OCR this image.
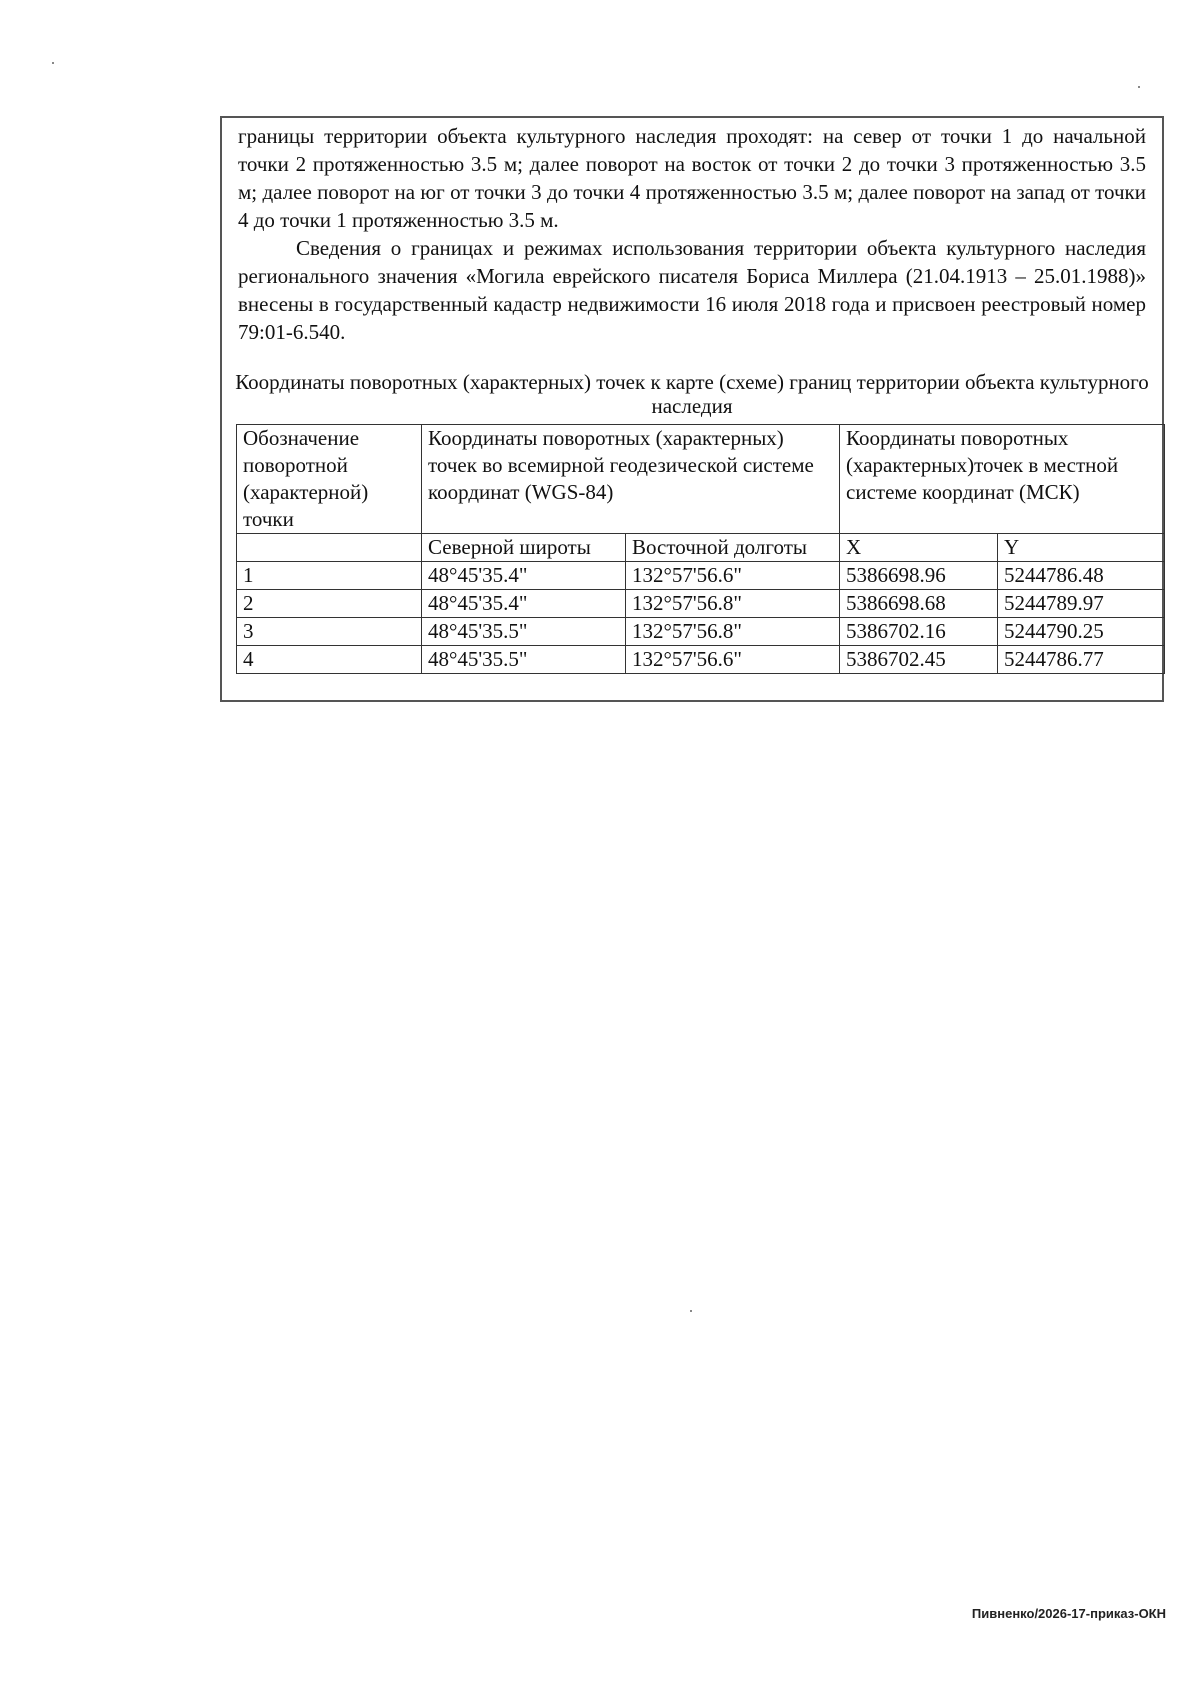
границы территории объекта культурного наследия проходят: на север от точки 1 до начальной точки 2 протяженностью 3.5 м; далее поворот на восток от точки 2 до точки 3 протяженностью 3.5 м; далее поворот на юг от точки 3 до точки 4 протяженностью 3.5 м; далее поворот на запад от точки 4 до точки 1 протяженностью 3.5 м.

Сведения о границах и режимах использования территории объекта культурного наследия регионального значения «Могила еврейского писателя Бориса Миллера (21.04.1913 – 25.01.1988)» внесены в государственный кадастр недвижимости 16 июля 2018 года и присвоен реестровый номер 79:01-6.540.

Координаты поворотных (характерных) точек к карте (схеме) границ территории объекта культурного наследия

Обозначение поворотной (характерной) точки	Координаты поворотных (характерных) точек во всемирной геодезической системе координат (WGS-84)		Координаты поворотных (характерных)точек в местной системе координат (МСК)	
	Северной широты	Восточной долготы	X	Y
1	48°45'35.4"	132°57'56.6"	5386698.96	5244786.48
2	48°45'35.4"	132°57'56.8"	5386698.68	5244789.97
3	48°45'35.5"	132°57'56.8"	5386702.16	5244790.25
4	48°45'35.5"	132°57'56.6"	5386702.45	5244786.77
Пивненко/2026-17-приказ-ОКН
